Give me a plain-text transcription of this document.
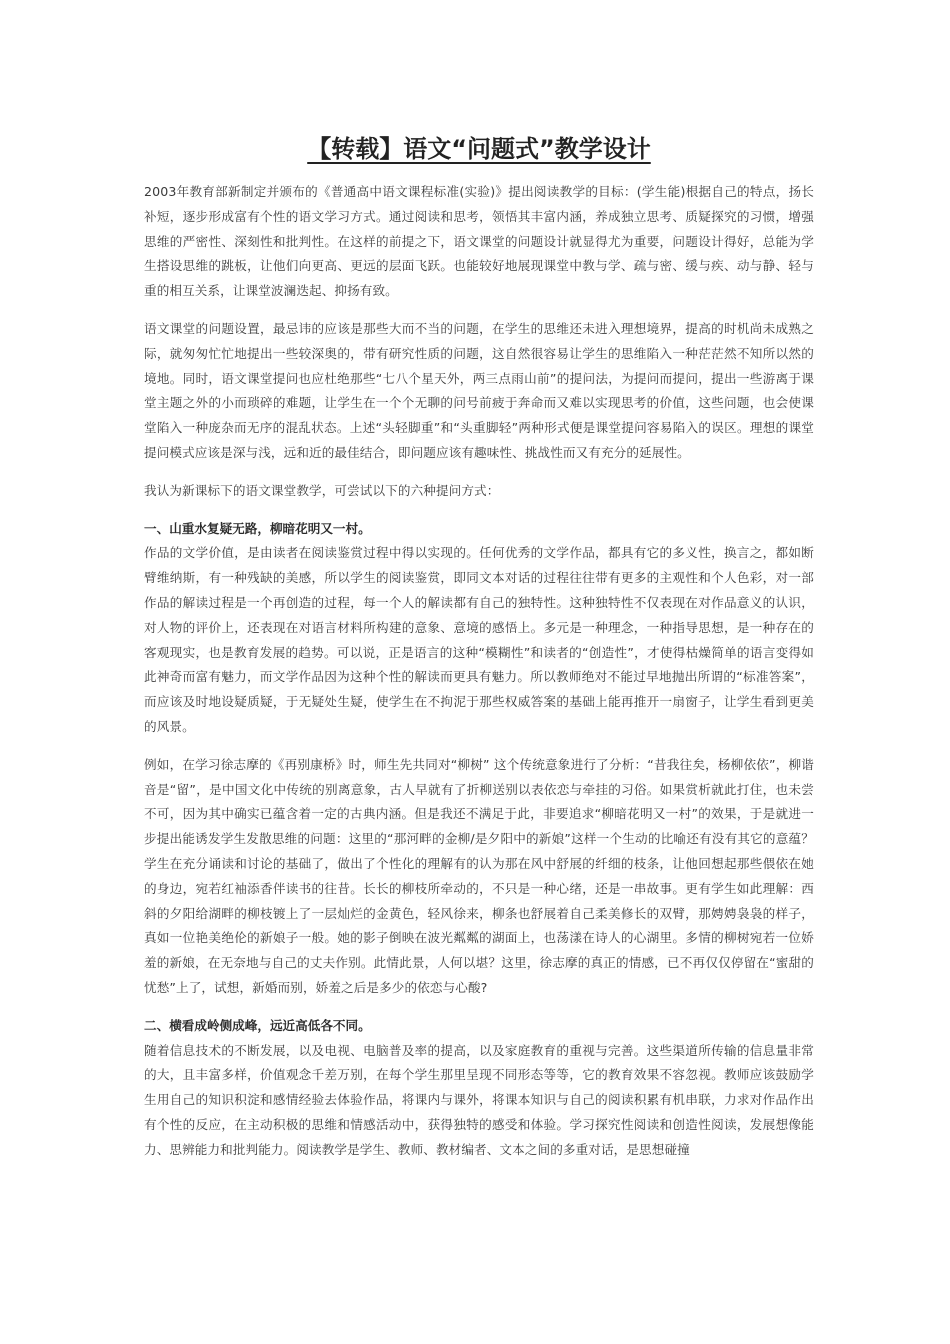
【转载】语文“问题式”教学设计

2003年教育部新制定并颁布的《普通高中语文课程标准(实验)》提出阅读教学的目标：(学生能)根据自己的特点，扬长补短，逐步形成富有个性的语文学习方式。通过阅读和思考，领悟其丰富内涵，养成独立思考、质疑探究的习惯，增强思维的严密性、深刻性和批判性。在这样的前提之下，语文课堂的问题设计就显得尤为重要，问题设计得好，总能为学生搭设思维的跳板，让他们向更高、更远的层面飞跃。也能较好地展现课堂中教与学、疏与密、缓与疾、动与静、轻与重的相互关系，让课堂波澜迭起、抑扬有致。

语文课堂的问题设置，最忌讳的应该是那些大而不当的问题，在学生的思维还未进入理想境界，提高的时机尚未成熟之际，就匆匆忙忙地提出一些较深奥的，带有研究性质的问题，这自然很容易让学生的思维陷入一种茫茫然不知所以然的境地。同时，语文课堂提问也应杜绝那些“七八个星天外，两三点雨山前”的提问法，为提问而提问，提出一些游离于课堂主题之外的小而琐碎的难题，让学生在一个个无聊的问号前疲于奔命而又难以实现思考的价值，这些问题，也会使课堂陷入一种庞杂而无序的混乱状态。上述“头轻脚重”和“头重脚轻”两种形式便是课堂提问容易陷入的误区。理想的课堂提问模式应该是深与浅，远和近的最佳结合，即问题应该有趣味性、挑战性而又有充分的延展性。

我认为新课标下的语文课堂教学，可尝试以下的六种提问方式：

一、山重水复疑无路，柳暗花明又一村。

作品的文学价值，是由读者在阅读鉴赏过程中得以实现的。任何优秀的文学作品，都具有它的多义性，换言之，都如断臂维纳斯，有一种残缺的美感，所以学生的阅读鉴赏，即同文本对话的过程往往带有更多的主观性和个人色彩，对一部作品的解读过程是一个再创造的过程，每一个人的解读都有自己的独特性。这种独特性不仅表现在对作品意义的认识，对人物的评价上，还表现在对语言材料所构建的意象、意境的感悟上。多元是一种理念，一种指导思想，是一种存在的客观现实，也是教育发展的趋势。可以说，正是语言的这种“模糊性”和读者的“创造性”，才使得枯燥简单的语言变得如此神奇而富有魅力，而文学作品因为这种个性的解读而更具有魅力。所以教师绝对不能过早地抛出所谓的“标准答案”，而应该及时地设疑质疑，于无疑处生疑，使学生在不拘泥于那些权威答案的基础上能再推开一扇窗子，让学生看到更美的风景。

例如，在学习徐志摩的《再别康桥》时，师生先共同对“柳树” 这个传统意象进行了分析：“昔我往矣，杨柳依依”，柳谐音是“留”，是中国文化中传统的别离意象，古人早就有了折柳送别以表依恋与牵挂的习俗。如果赏析就此打住，也未尝不可，因为其中确实已蕴含着一定的古典内涵。但是我还不满足于此，非要追求“柳暗花明又一村”的效果，于是就进一步提出能诱发学生发散思维的问题：这里的“那河畔的金柳/是夕阳中的新娘”这样一个生动的比喻还有没有其它的意蕴？学生在充分诵读和讨论的基础了，做出了个性化的理解有的认为那在风中舒展的纤细的枝条，让他回想起那些偎依在她的身边，宛若红袖添香伴读书的往昔。长长的柳枝所牵动的，不只是一种心绪，还是一串故事。更有学生如此理解：西斜的夕阳给湖畔的柳枝镀上了一层灿烂的金黄色，轻风徐来，柳条也舒展着自己柔美修长的双臂，那娉娉袅袅的样子，真如一位艳美绝伦的新娘子一般。她的影子倒映在波光粼粼的湖面上，也荡漾在诗人的心湖里。多情的柳树宛若一位娇羞的新娘，在无奈地与自己的丈夫作别。此情此景，人何以堪？这里，徐志摩的真正的情感，已不再仅仅停留在“蜜甜的忧愁”上了，试想，新婚而别，娇羞之后是多少的依恋与心酸?

二、横看成岭侧成峰，远近高低各不同。

随着信息技术的不断发展，以及电视、电脑普及率的提高，以及家庭教育的重视与完善。这些渠道所传输的信息量非常的大，且丰富多样，价值观念千差万别，在每个学生那里呈现不同形态等等，它的教育效果不容忽视。教师应该鼓励学生用自己的知识积淀和感情经验去体验作品，将课内与课外，将课本知识与自己的阅读积累有机串联，力求对作品作出有个性的反应，在主动积极的思维和情感活动中，获得独特的感受和体验。学习探究性阅读和创造性阅读，发展想像能力、思辨能力和批判能力。阅读教学是学生、教师、教材编者、文本之间的多重对话，是思想碰撞
